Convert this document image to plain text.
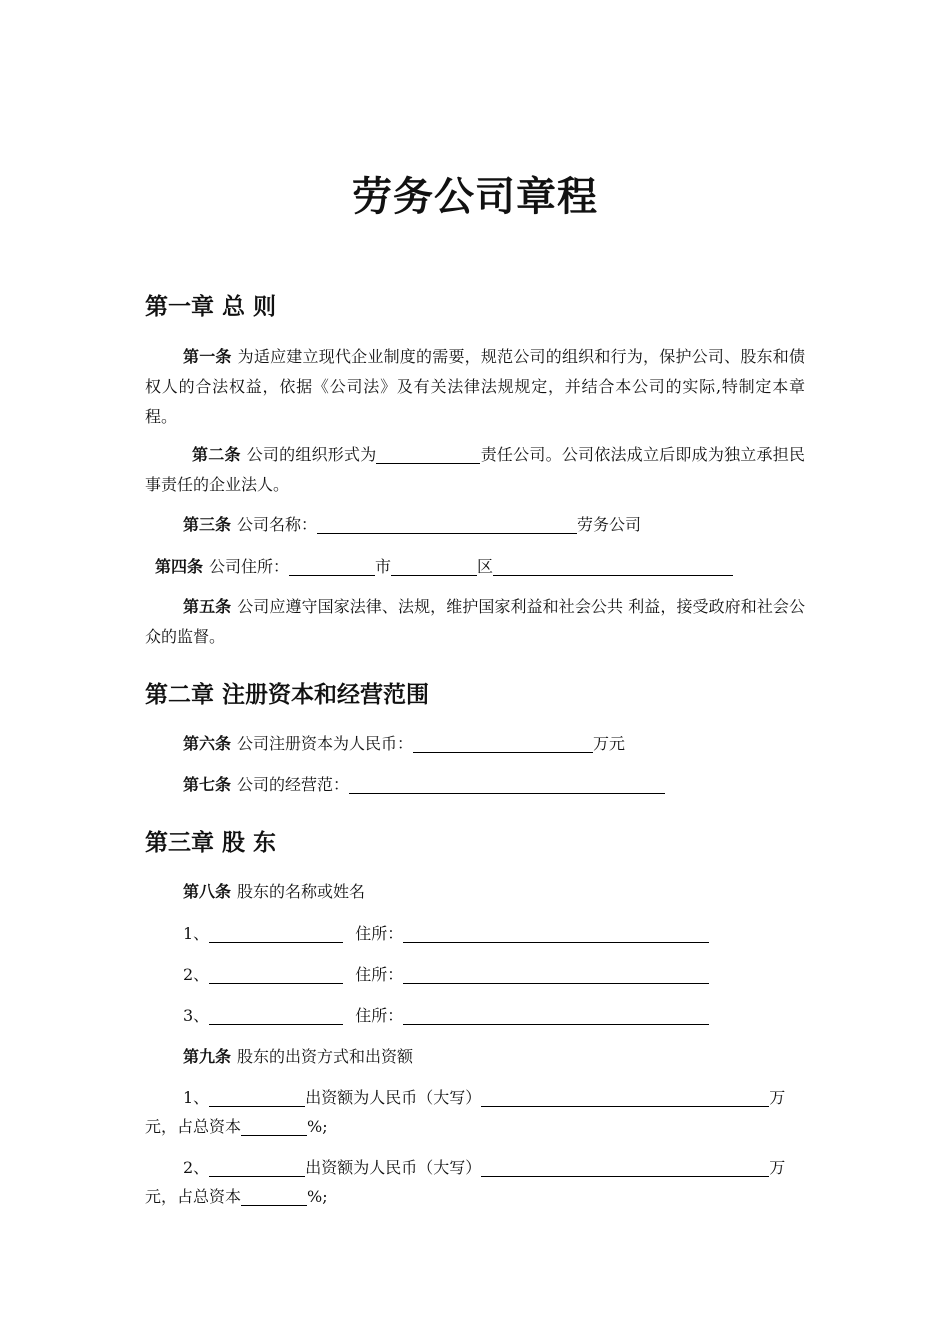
劳务公司章程
第一章 总 则
第一条 为适应建立现代企业制度的需要，规范公司的组织和行为，保护公司、股东和债权人的合法权益，依据《公司法》及有关法律法规规定，并结合本公司的实际,特制定本章程。
第二条 公司的组织形式为	责任公司。公司依法成立后即成为独立承担民事责任的企业法人。
第三条 公司名称：	劳务公司
第四条 公司住所：	市	区
第五条 公司应遵守国家法律、法规，维护国家利益和社会公共 利益，接受政府和社会公众的监督。
第二章 注册资本和经营范围
第六条 公司注册资本为人民币：	万元
第七条 公司的经营范：
第三章 股 东
第八条 股东的名称或姓名
1、	住所：
2、	住所：
3、	住所：
第九条 股东的出资方式和出资额
1、	出资额为人民币（大写）	万
元，占总资本	%;
2、	出资额为人民币（大写）	万
元，占总资本	%;
